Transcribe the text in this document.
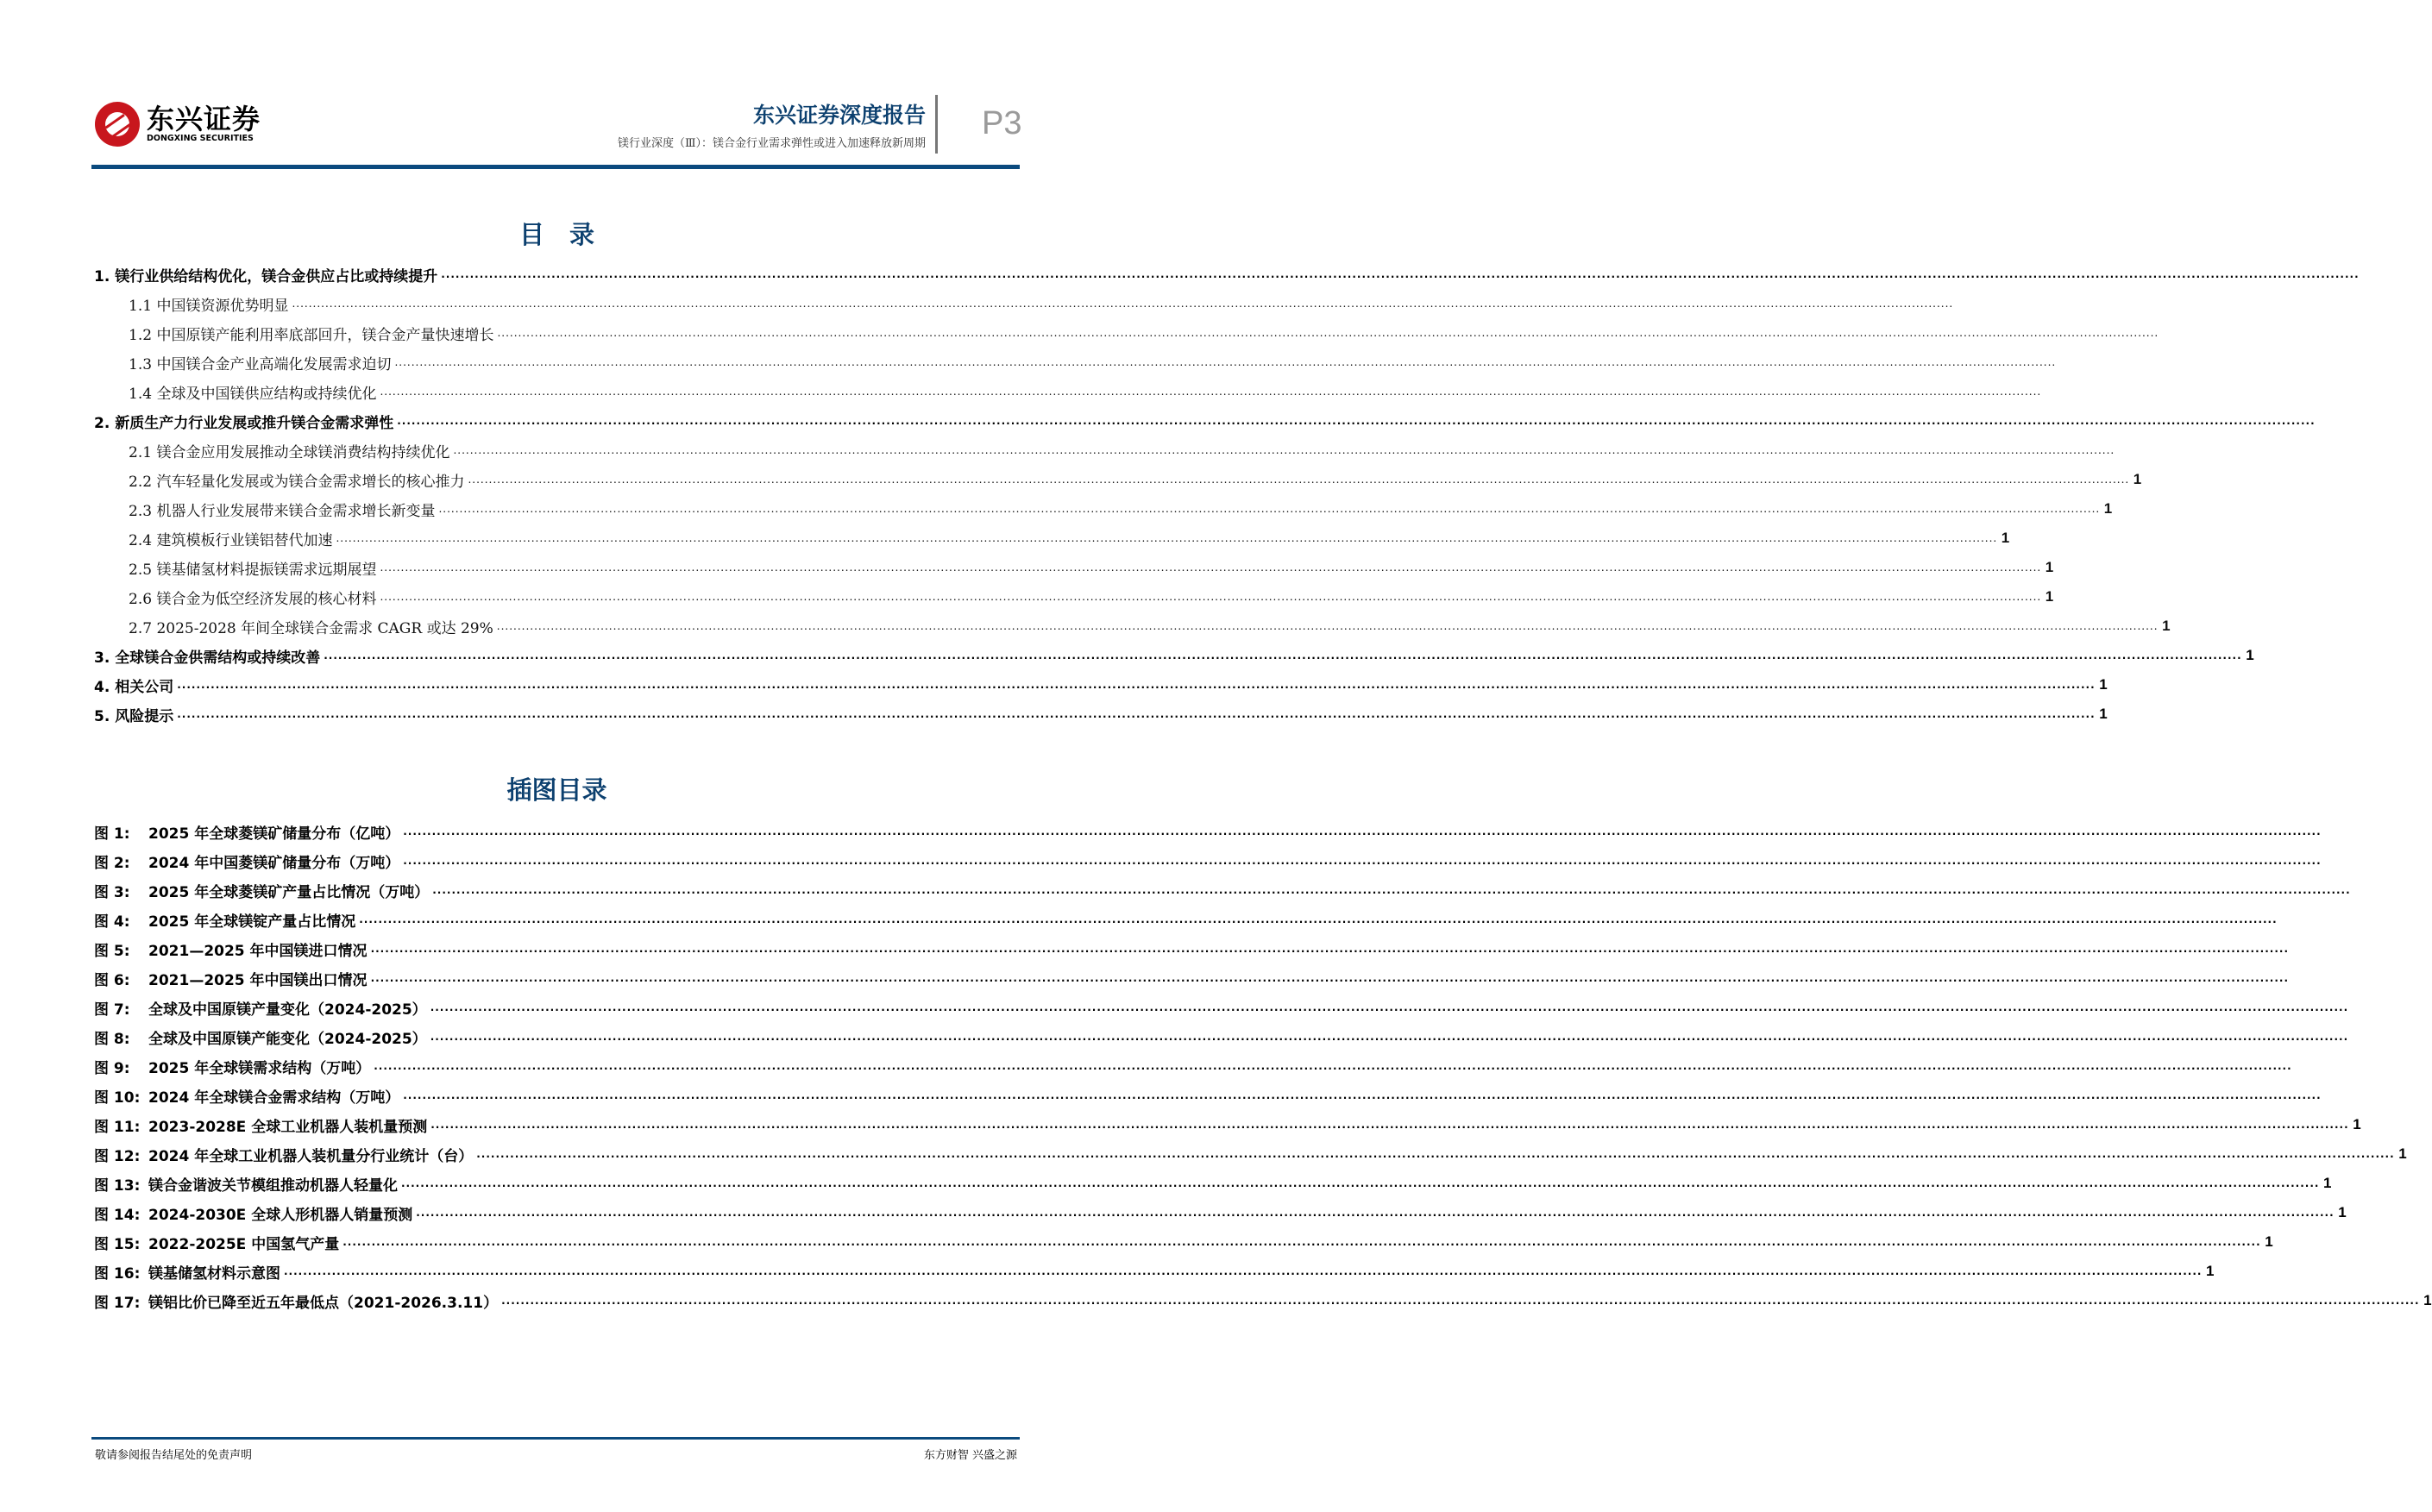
东兴证券
DONGXING SECURITIES
东兴证券深度报告
镁行业深度（Ⅲ）：镁合金行业需求弹性或进入加速释放新周期
P3
目　录
1. 镁行业供给结构优化，镁合金供应占比或持续提升 ................................................................................................................................................................................................................................................................................................................................................................................................................
1.1 中国镁资源优势明显 ................................................................................................................................................................................................................................................................................................................................................................................................................
1.2 中国原镁产能利用率底部回升，镁合金产量快速增长 ................................................................................................................................................................................................................................................................................................................................................................................................................
1.3 中国镁合金产业高端化发展需求迫切 ................................................................................................................................................................................................................................................................................................................................................................................................................
1.4 全球及中国镁供应结构或持续优化 ................................................................................................................................................................................................................................................................................................................................................................................................................
2. 新质生产力行业发展或推升镁合金需求弹性 ................................................................................................................................................................................................................................................................................................................................................................................................................
2.1 镁合金应用发展推动全球镁消费结构持续优化 ................................................................................................................................................................................................................................................................................................................................................................................................................
2.2 汽车轻量化发展或为镁合金需求增长的核心推力 ................................................................................................................................................................................................................................................................................................................................................................................................................ 1
2.3 机器人行业发展带来镁合金需求增长新变量 ................................................................................................................................................................................................................................................................................................................................................................................................................ 1
2.4 建筑模板行业镁铝替代加速 ................................................................................................................................................................................................................................................................................................................................................................................................................ 1
2.5 镁基储氢材料提振镁需求远期展望 ................................................................................................................................................................................................................................................................................................................................................................................................................ 1
2.6 镁合金为低空经济发展的核心材料 ................................................................................................................................................................................................................................................................................................................................................................................................................ 1
2.7 2025-2028 年间全球镁合金需求 CAGR 或达 29% ................................................................................................................................................................................................................................................................................................................................................................................................................ 1
3. 全球镁合金供需结构或持续改善 ................................................................................................................................................................................................................................................................................................................................................................................................................ 1
4. 相关公司 ................................................................................................................................................................................................................................................................................................................................................................................................................ 1
5. 风险提示 ................................................................................................................................................................................................................................................................................................................................................................................................................ 1
插图目录
图 1: 2025 年全球菱镁矿储量分布（亿吨） ................................................................................................................................................................................................................................................................................................................................................................................................................
图 2: 2024 年中国菱镁矿储量分布（万吨） ................................................................................................................................................................................................................................................................................................................................................................................................................
图 3: 2025 年全球菱镁矿产量占比情况（万吨） ................................................................................................................................................................................................................................................................................................................................................................................................................
图 4: 2025 年全球镁锭产量占比情况 ................................................................................................................................................................................................................................................................................................................................................................................................................
图 5: 2021—2025 年中国镁进口情况 ................................................................................................................................................................................................................................................................................................................................................................................................................
图 6: 2021—2025 年中国镁出口情况 ................................................................................................................................................................................................................................................................................................................................................................................................................
图 7: 全球及中国原镁产量变化（2024-2025） ................................................................................................................................................................................................................................................................................................................................................................................................................
图 8: 全球及中国原镁产能变化（2024-2025） ................................................................................................................................................................................................................................................................................................................................................................................................................
图 9: 2025 年全球镁需求结构（万吨） ................................................................................................................................................................................................................................................................................................................................................................................................................
图 10: 2024 年全球镁合金需求结构（万吨） ................................................................................................................................................................................................................................................................................................................................................................................................................
图 11: 2023-2028E 全球工业机器人装机量预测 ................................................................................................................................................................................................................................................................................................................................................................................................................ 1
图 12: 2024 年全球工业机器人装机量分行业统计（台） ................................................................................................................................................................................................................................................................................................................................................................................................................ 1
图 13: 镁合金谐波关节模组推动机器人轻量化 ................................................................................................................................................................................................................................................................................................................................................................................................................ 1
图 14: 2024-2030E 全球人形机器人销量预测 ................................................................................................................................................................................................................................................................................................................................................................................................................ 1
图 15: 2022-2025E 中国氢气产量 ................................................................................................................................................................................................................................................................................................................................................................................................................ 1
图 16: 镁基储氢材料示意图 ................................................................................................................................................................................................................................................................................................................................................................................................................ 1
图 17: 镁铝比价已降至近五年最低点（2021-2026.3.11） ................................................................................................................................................................................................................................................................................................................................................................................................................ 1
敬请参阅报告结尾处的免责声明	东方财智 兴盛之源
